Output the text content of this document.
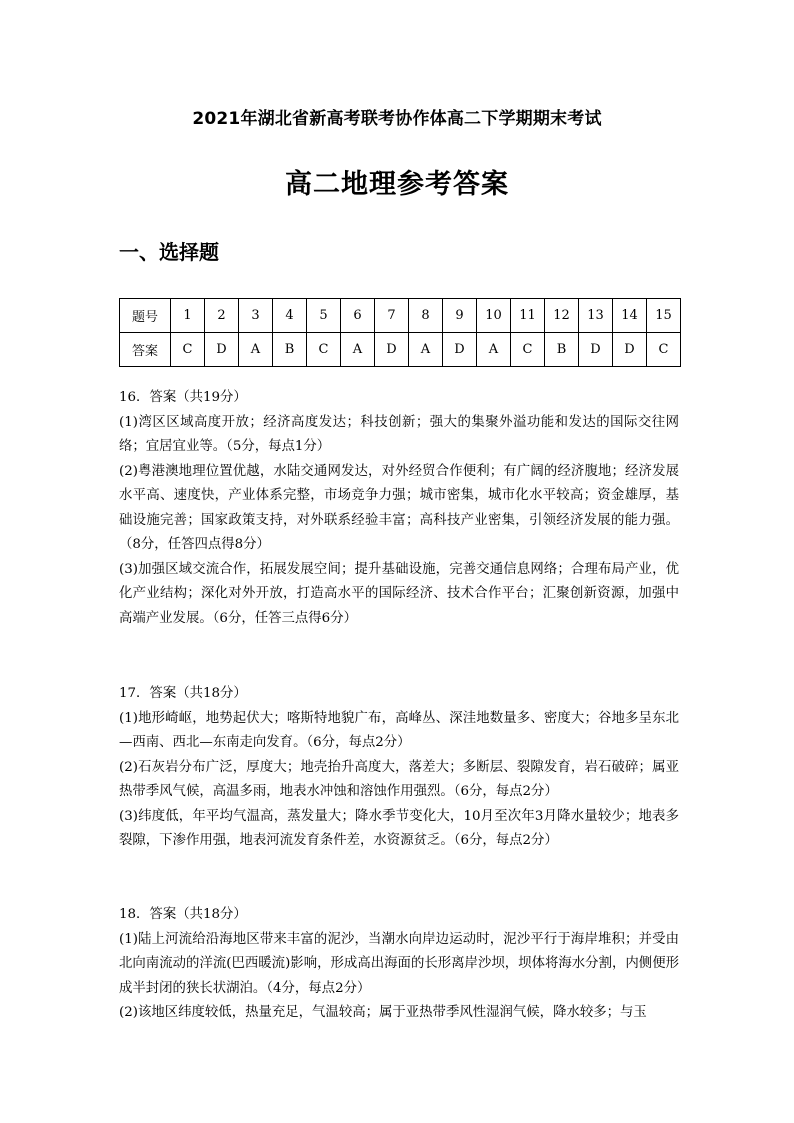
2021年湖北省新高考联考协作体高二下学期期末考试
高二地理参考答案
一、选择题
题号	1	2	3	4	5	6	7	8	9	10	11	12	13	14	15
答案	C	D	A	B	C	A	D	A	D	A	C	B	D	D	C

16．答案（共19分）

(1)湾区区域高度开放；经济高度发达；科技创新；强大的集聚外溢功能和发达的国际交往网络；宜居宜业等。（5分，每点1分）

(2)粤港澳地理位置优越，水陆交通网发达，对外经贸合作便利；有广阔的经济腹地；经济发展水平高、速度快，产业体系完整，市场竞争力强；城市密集，城市化水平较高；资金雄厚，基础设施完善；国家政策支持，对外联系经验丰富；高科技产业密集，引领经济发展的能力强。（8分，任答四点得8分）

(3)加强区域交流合作，拓展发展空间；提升基础设施，完善交通信息网络；合理布局产业，优化产业结构；深化对外开放，打造高水平的国际经济、技术合作平台；汇聚创新资源，加强中高端产业发展。（6分，任答三点得6分）

17．答案（共18分）

(1)地形崎岖，地势起伏大；喀斯特地貌广布，高峰丛、深洼地数量多、密度大；谷地多呈东北—西南、西北—东南走向发育。（6分，每点2分）

(2)石灰岩分布广泛，厚度大；地壳抬升高度大，落差大；多断层、裂隙发育，岩石破碎；属亚热带季风气候，高温多雨，地表水冲蚀和溶蚀作用强烈。（6分，每点2分）

(3)纬度低，年平均气温高，蒸发量大；降水季节变化大，10月至次年3月降水量较少；地表多裂隙，下渗作用强，地表河流发育条件差，水资源贫乏。（6分，每点2分）

18．答案（共18分）

(1)陆上河流给沿海地区带来丰富的泥沙，当潮水向岸边运动时，泥沙平行于海岸堆积；并受由北向南流动的洋流(巴西暖流)影响，形成高出海面的长形离岸沙坝，坝体将海水分割，内侧便形成半封闭的狭长状湖泊。（4分，每点2分）

(2)该地区纬度较低，热量充足，气温较高；属于亚热带季风性湿润气候，降水较多；与玉
